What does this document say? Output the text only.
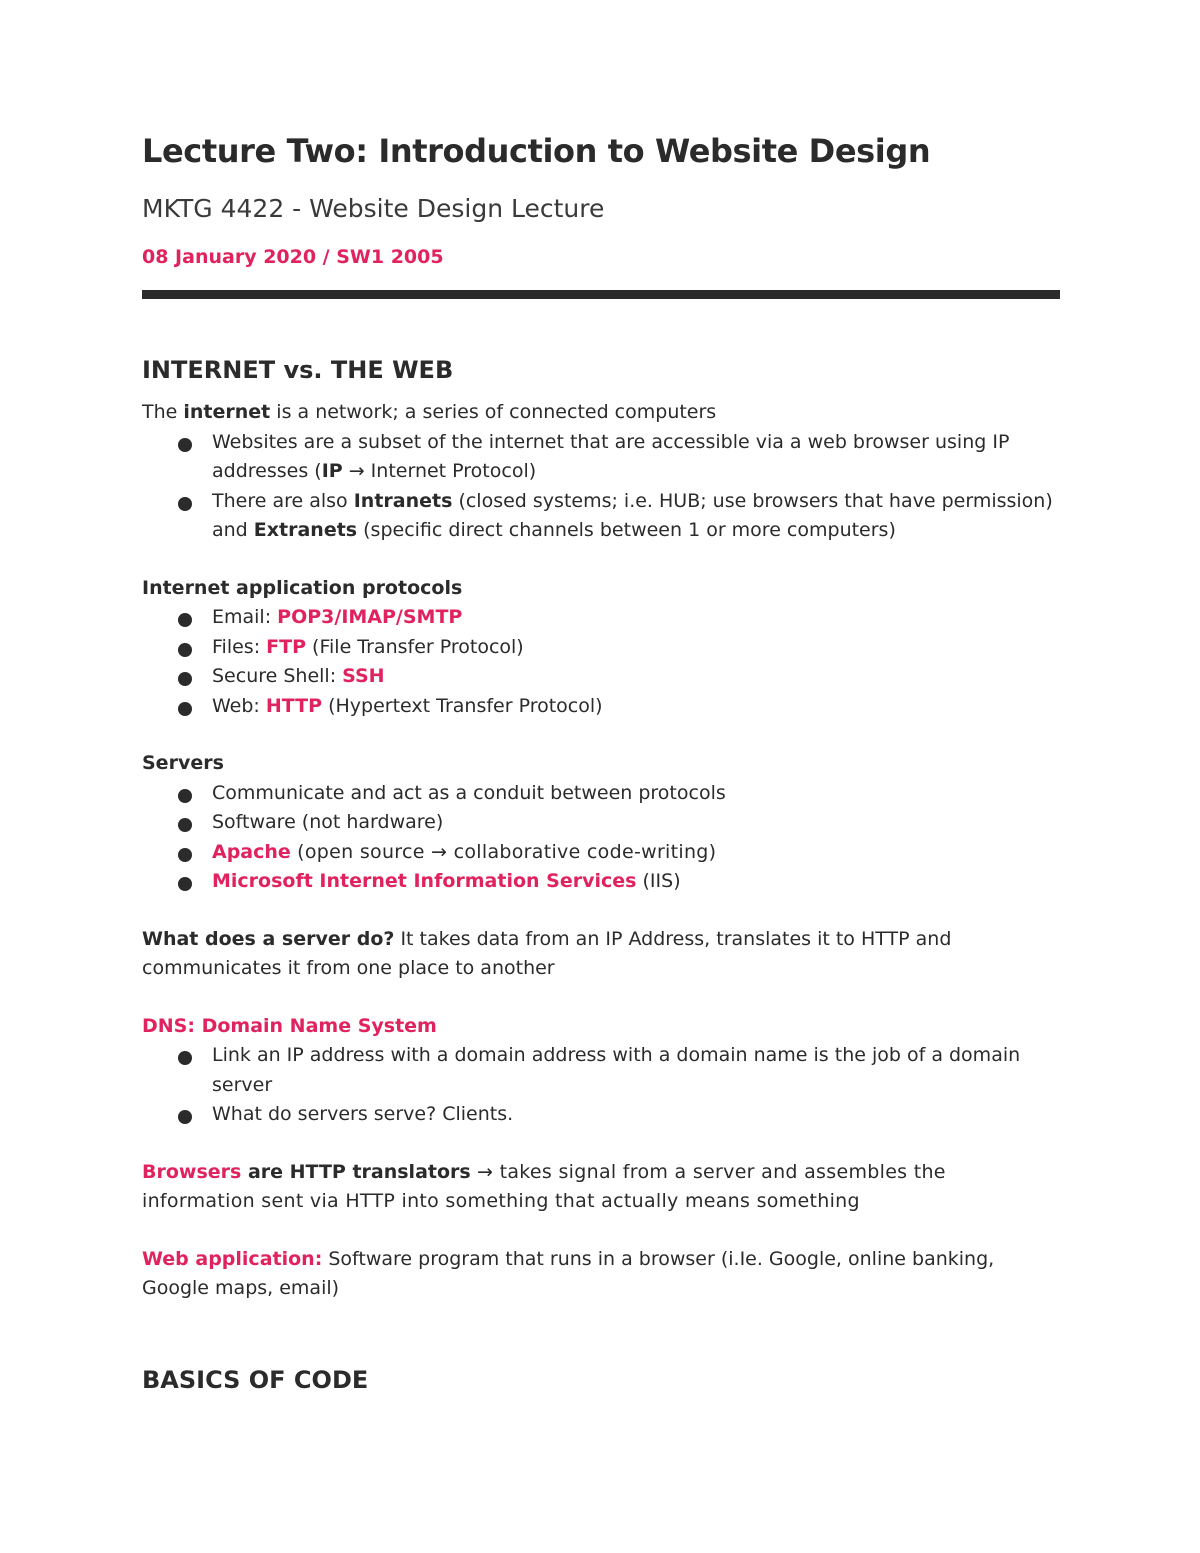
Lecture Two: Introduction to Website Design
MKTG 4422 - Website Design Lecture
08 January 2020 / SW1 2005
INTERNET vs. THE WEB

The internet is a network; a series of connected computers

Websites are a subset of the internet that are accessible via a web browser using IP addresses (IP → Internet Protocol)
There are also Intranets (closed systems; i.e. HUB; use browsers that have permission) and Extranets (specific direct channels between 1 or more computers)

Internet application protocols

Email: POP3/IMAP/SMTP
Files: FTP (File Transfer Protocol)
Secure Shell: SSH
Web: HTTP (Hypertext Transfer Protocol)

Servers

Communicate and act as a conduit between protocols
Software (not hardware)
Apache (open source → collaborative code-writing)
Microsoft Internet Information Services (IIS)

What does a server do? It takes data from an IP Address, translates it to HTTP and communicates it from one place to another

DNS: Domain Name System

Link an IP address with a domain address with a domain name is the job of a domain server
What do servers serve? Clients.

Browsers are HTTP translators → takes signal from a server and assembles the information sent via HTTP into something that actually means something

Web application: Software program that runs in a browser (i.Ie. Google, online banking, Google maps, email)

BASICS OF CODE
